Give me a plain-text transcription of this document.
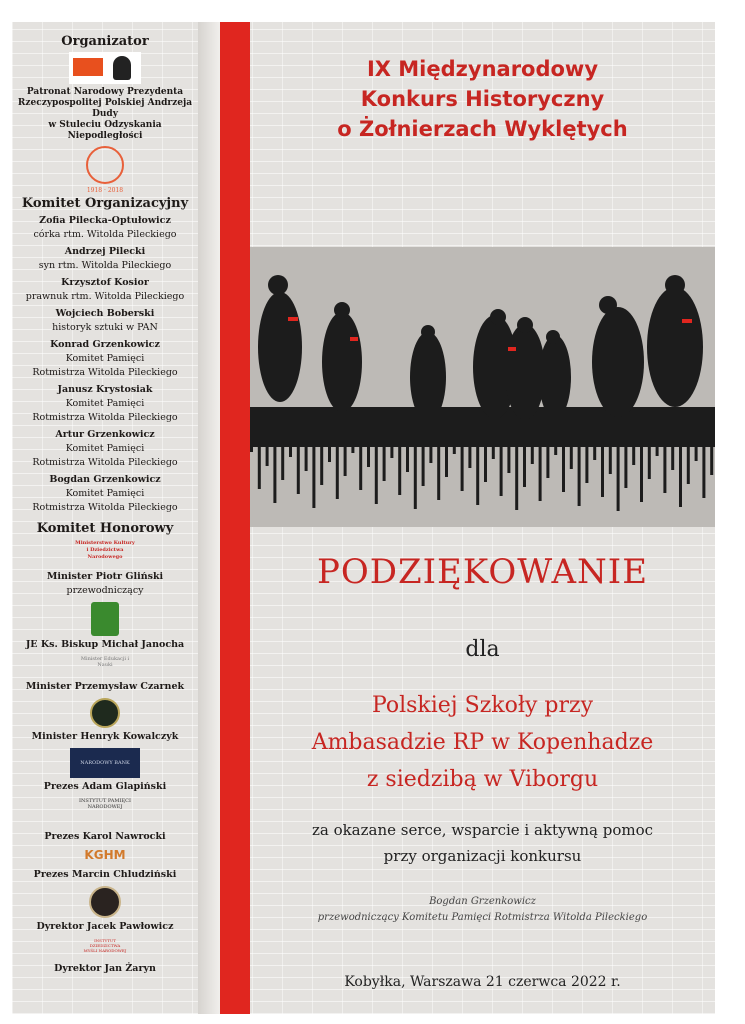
Organizator
Patronat Narodowy Prezydenta
Rzeczypospolitej Polskiej Andrzeja Dudy
w Stuleciu Odzyskania Niepodległości
1918 · 2018
Komitet Organizacyjny
Zofia Pilecka-Optułowicz
córka rtm. Witolda Pileckiego
Andrzej Pilecki
syn rtm. Witolda Pileckiego
Krzysztof Kosior
prawnuk rtm. Witolda Pileckiego
Wojciech Boberski
historyk sztuki w PAN
Konrad Grzenkowicz
Komitet Pamięci
Rotmistrza Witolda Pileckiego
Janusz Krystosiak
Komitet Pamięci
Rotmistrza Witolda Pileckiego
Artur Grzenkowicz
Komitet Pamięci
Rotmistrza Witolda Pileckiego
Bogdan Grzenkowicz
Komitet Pamięci
Rotmistrza Witolda Pileckiego
Komitet Honorowy
Ministerstwo Kultury i Dziedzictwa Narodowego
Minister Piotr Gliński
przewodniczący
JE Ks. Biskup Michał Janocha
Minister Edukacji i Nauki
Minister Przemysław Czarnek
Minister Henryk Kowalczyk
NARODOWY BANK
Prezes Adam Glapiński
INSTYTUT PAMIĘCI NARODOWEJ
Prezes Karol Nawrocki
KGHM
Prezes Marcin Chludziński
Dyrektor Jacek Pawłowicz
INSTYTUT DZIEDZICTWA MYŚLI NARODOWEJ
Dyrektor Jan Żaryn
IX Międzynarodowy
Konkurs Historyczny
o Żołnierzach Wyklętych
PODZIĘKOWANIE
dla
Polskiej Szkoły przy
Ambasadzie RP w Kopenhadze
z siedzibą w Viborgu
za okazane serce, wsparcie i aktywną pomoc
przy organizacji konkursu
Bogdan Grzenkowicz
przewodniczący Komitetu Pamięci Rotmistrza Witolda Pileckiego
Kobyłka, Warszawa 21 czerwca 2022 r.
